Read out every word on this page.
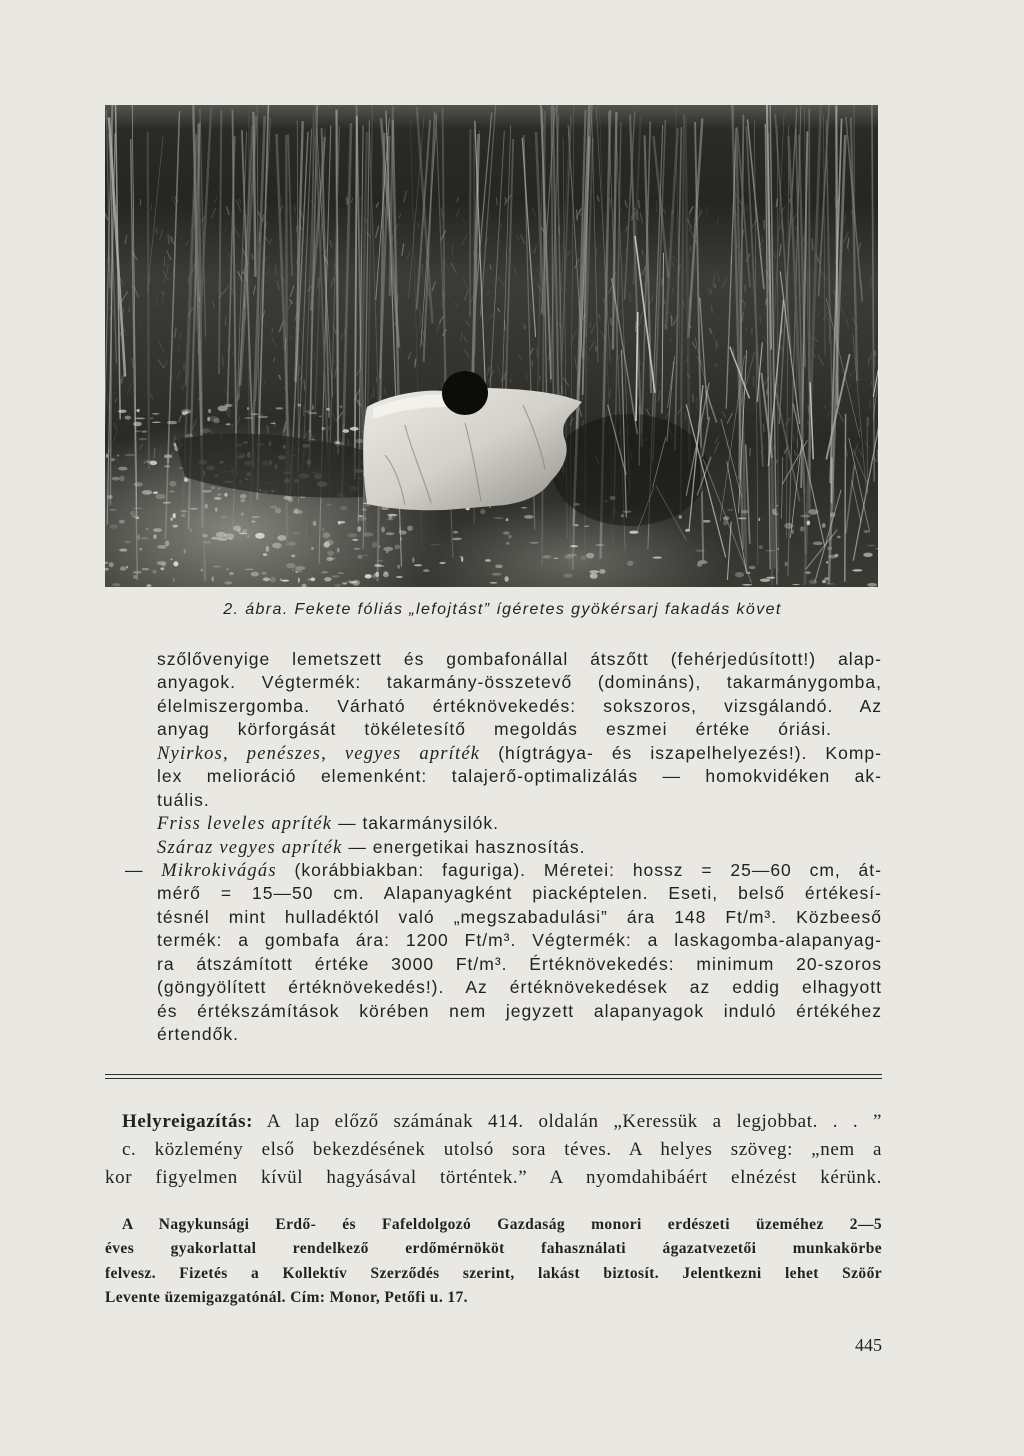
2. ábra. Fekete fóliás „lefojtást” ígéretes gyökérsarj fakadás követ
szőlővenyige lemetszett és gombafonállal átszőtt (fehérjedúsított!) alap-
anyagok. Végtermék: takarmány-összetevő (domináns), takarmánygomba,
élelmiszergomba. Várható értéknövekedés: sokszoros, vizsgálandó. Az
anyag körforgását tökéletesítő megoldás eszmei értéke óriási.
Nyirkos, penészes, vegyes apríték (hígtrágya- és iszapelhelyezés!). Komp-
lex melioráció elemenként: talajerő-optimalizálás — homokvidéken ak-
tuális.
Friss leveles apríték — takarmánysilók.
Száraz vegyes apríték — energetikai hasznosítás.
— Mikrokivágás (korábbiakban: faguriga). Méretei: hossz = 25—60 cm, át-
mérő = 15—50 cm. Alapanyagként piacképtelen. Eseti, belső értékesí-
tésnél mint hulladéktól való „megszabadulási” ára 148 Ft/m³. Közbeeső
termék: a gombafa ára: 1200 Ft/m³. Végtermék: a laskagomba-alapanyag-
ra átszámított értéke 3000 Ft/m³. Értéknövekedés: minimum 20-szoros
(göngyölített értéknövekedés!). Az értéknövekedések az eddig elhagyott
és értékszámítások körében nem jegyzett alapanyagok induló értékéhez
értendők.
Helyreigazítás: A lap előző számának 414. oldalán „Keressük a legjobbat. . . ”
c. közlemény első bekezdésének utolsó sora téves. A helyes szöveg: „nem a
kor figyelmen kívül hagyásával történtek.” A nyomdahibáért elnézést kérünk.
A Nagykunsági Erdő- és Fafeldolgozó Gazdaság monori erdészeti üzeméhez 2—5
éves gyakorlattal rendelkező erdőmérnököt fahasználati ágazatvezetői munkakörbe
felvesz. Fizetés a Kollektív Szerződés szerint, lakást biztosít. Jelentkezni lehet Szöőr
Levente üzemigazgatónál. Cím: Monor, Petőfi u. 17.
445
